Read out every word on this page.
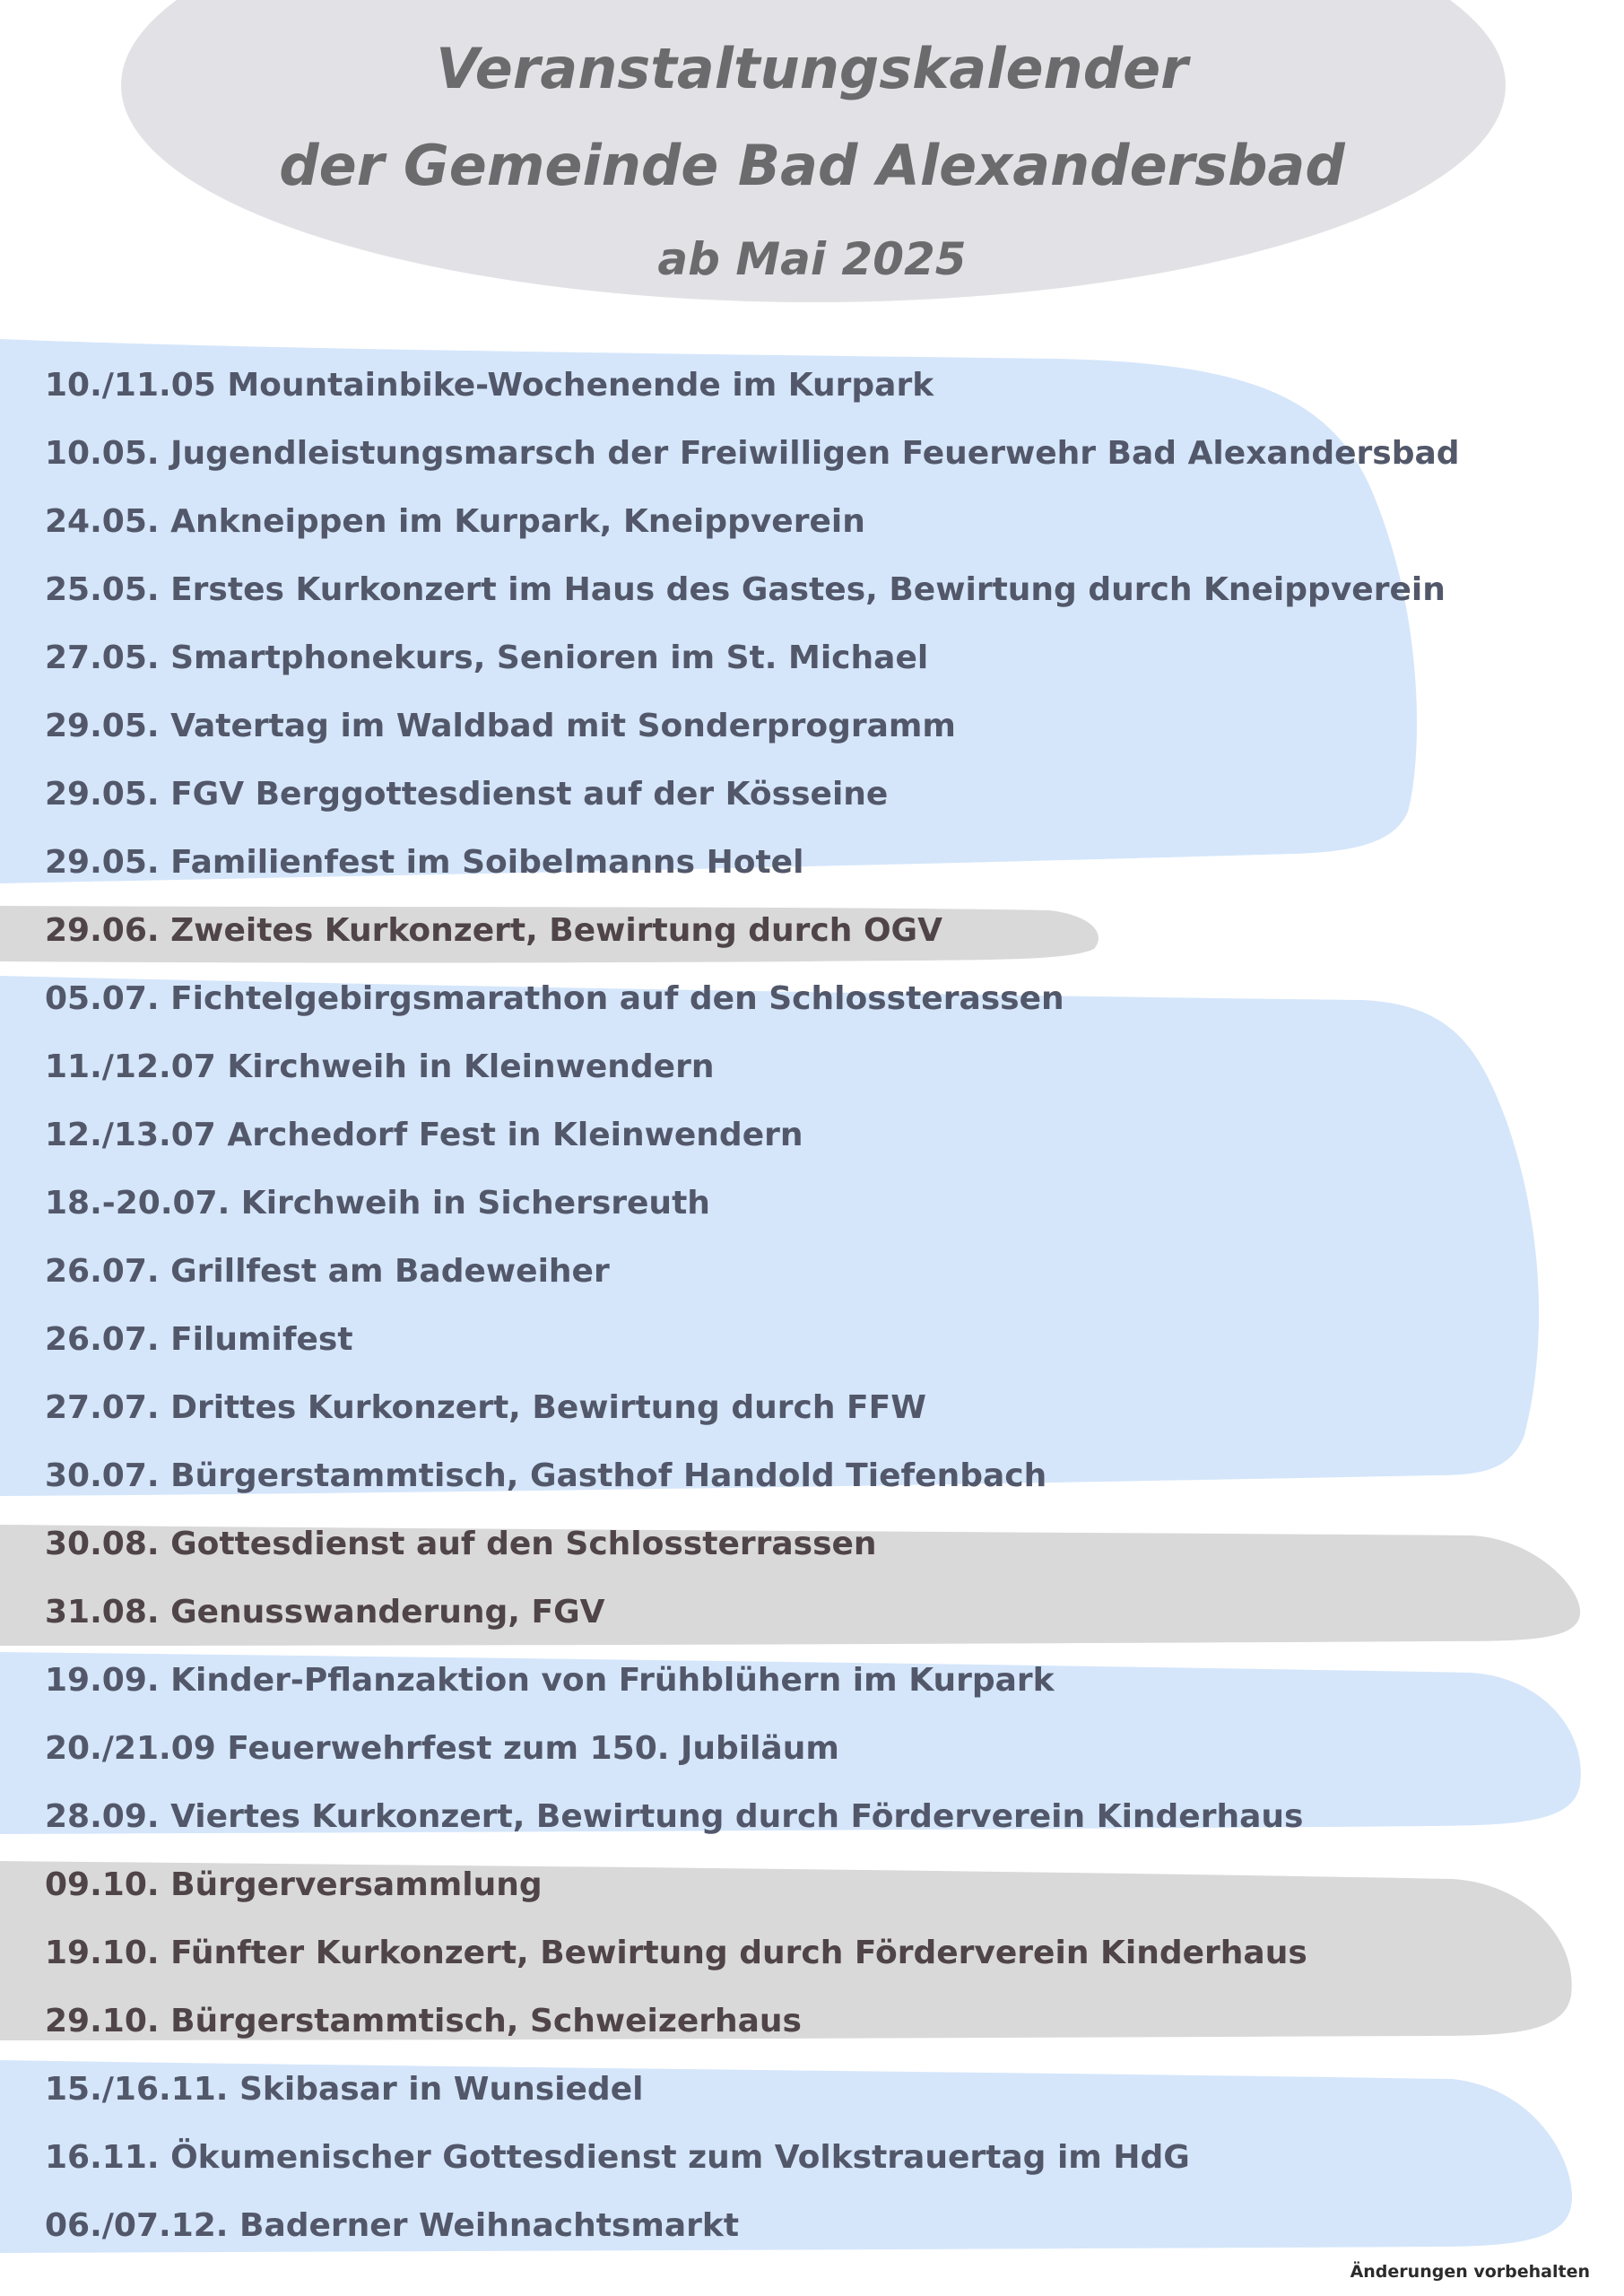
Veranstaltungskalender
der Gemeinde Bad Alexandersbad
ab Mai 2025
10./11.05 Mountainbike-Wochenende im Kurpark
10.05. Jugendleistungsmarsch der Freiwilligen Feuerwehr Bad Alexandersbad
24.05. Ankneippen im Kurpark, Kneippverein
25.05. Erstes Kurkonzert im Haus des Gastes, Bewirtung durch Kneippverein
27.05. Smartphonekurs, Senioren im St. Michael
29.05. Vatertag im Waldbad mit Sonderprogramm
29.05. FGV Berggottesdienst auf der Kösseine
29.05. Familienfest im Soibelmanns Hotel
29.06. Zweites Kurkonzert, Bewirtung durch OGV
05.07. Fichtelgebirgsmarathon auf den Schlossterassen
11./12.07 Kirchweih in Kleinwendern
12./13.07 Archedorf Fest in Kleinwendern
18.-20.07. Kirchweih in Sichersreuth
26.07. Grillfest am Badeweiher
26.07. Filumifest
27.07. Drittes Kurkonzert, Bewirtung durch FFW
30.07. Bürgerstammtisch, Gasthof Handold Tiefenbach
30.08. Gottesdienst auf den Schlossterrassen
31.08. Genusswanderung, FGV
19.09. Kinder-Pflanzaktion von Frühblühern im Kurpark
20./21.09 Feuerwehrfest zum 150. Jubiläum
28.09. Viertes Kurkonzert, Bewirtung durch Förderverein Kinderhaus
09.10. Bürgerversammlung
19.10. Fünfter Kurkonzert, Bewirtung durch Förderverein Kinderhaus
29.10. Bürgerstammtisch, Schweizerhaus
15./16.11. Skibasar in Wunsiedel
16.11. Ökumenischer Gottesdienst zum Volkstrauertag im HdG
06./07.12. Baderner Weihnachtsmarkt
Änderungen vorbehalten
